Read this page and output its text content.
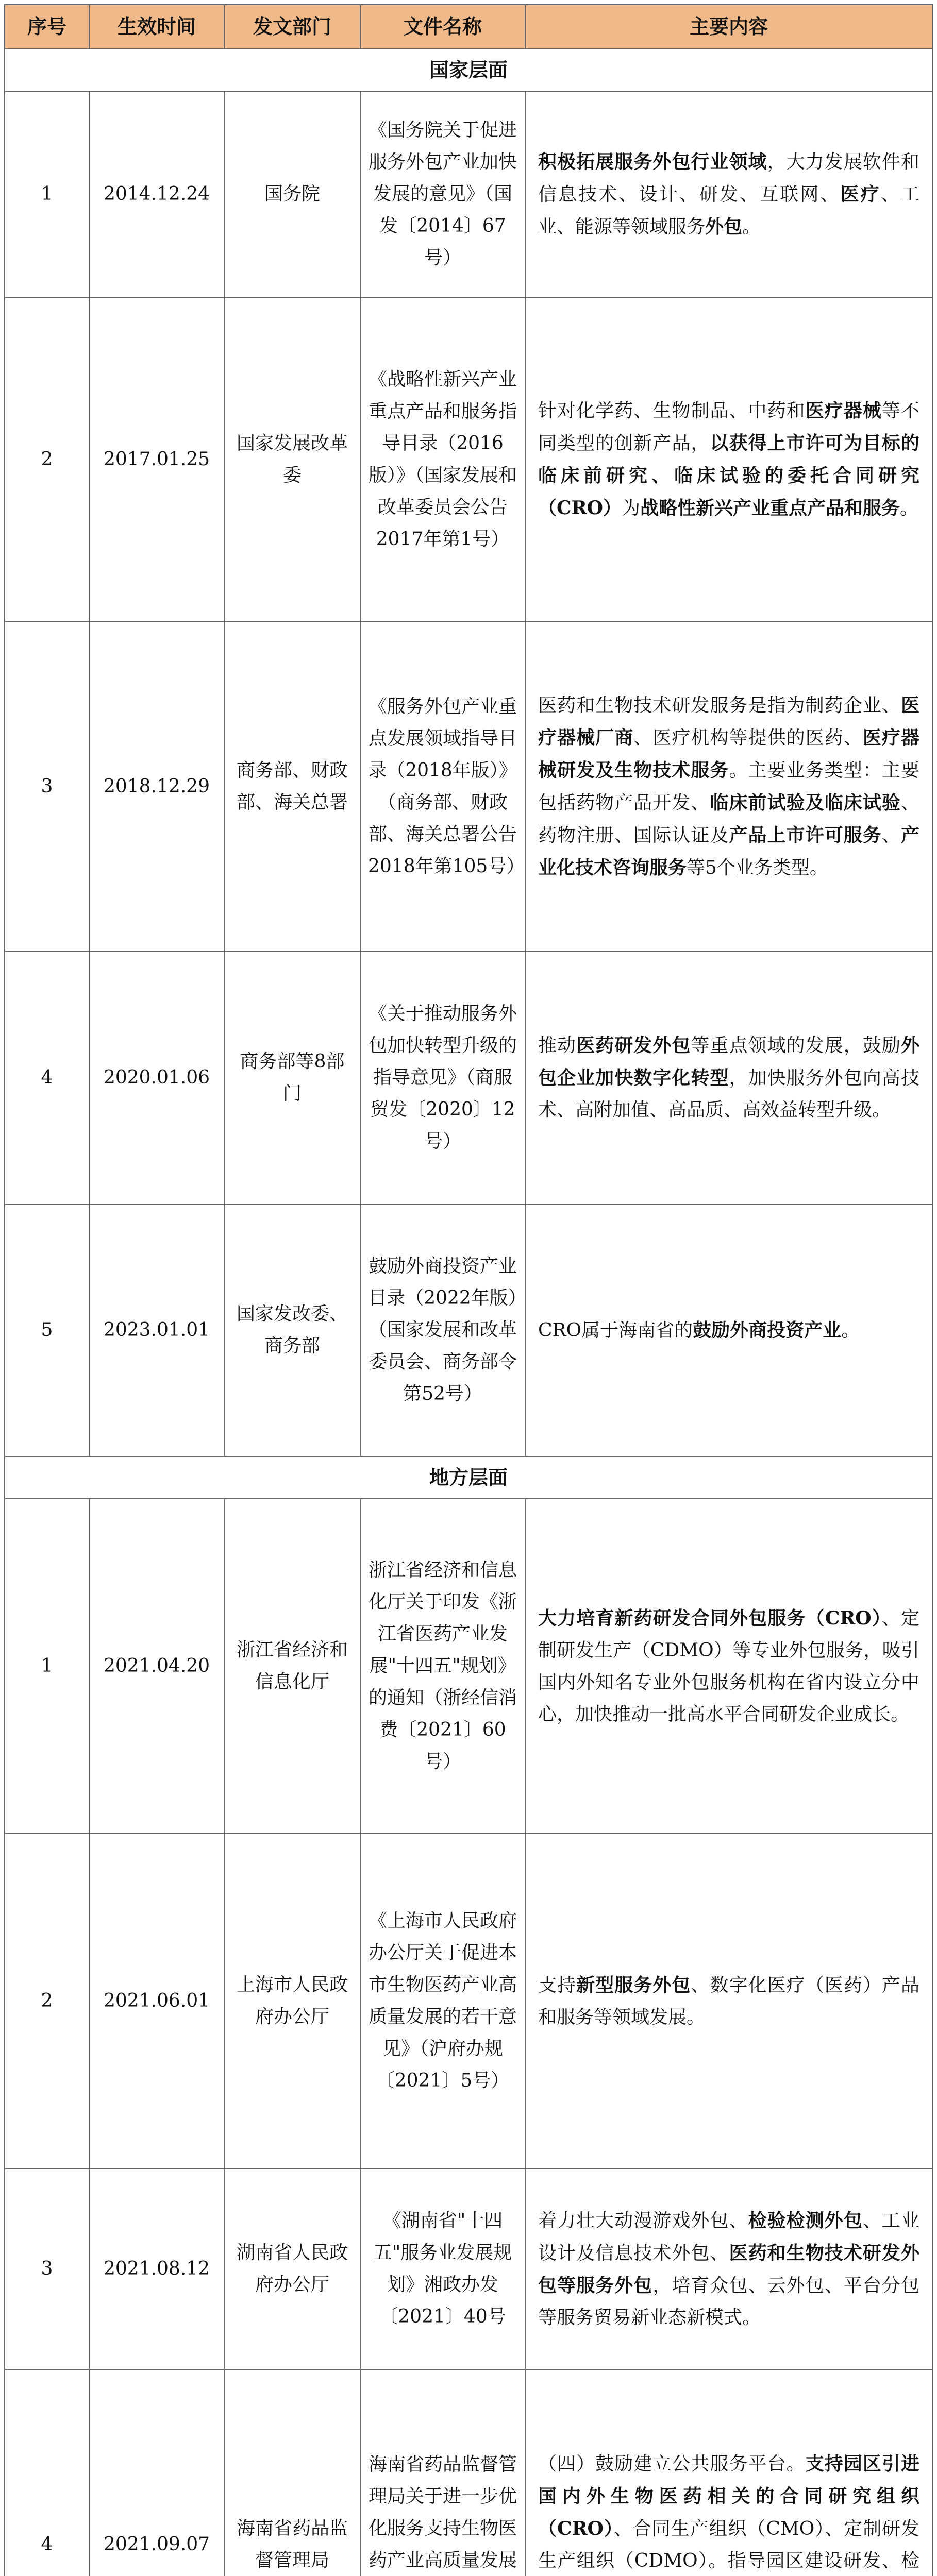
序号	生效时间	发文部门	文件名称	主要内容
国家层面				
1	2014.12.24	国务院	《国务院关于促进服务外包产业加快发展的意见》（国发〔2014〕67号）	积极拓展服务外包行业领域，大力发展软件和信息技术、设计、研发、互联网、医疗、工业、能源等领域服务外包。
2	2017.01.25	国家发展改革委	《战略性新兴产业重点产品和服务指导目录（2016版）》（国家发展和改革委员会公告2017年第1号）	针对化学药、生物制品、中药和医疗器械等不同类型的创新产品，以获得上市许可为目标的临床前研究、临床试验的委托合同研究（CRO）为战略性新兴产业重点产品和服务。
3	2018.12.29	商务部、财政部、海关总署	《服务外包产业重点发展领域指导目录（2018年版）》（商务部、财政部、海关总署公告2018年第105号）	医药和生物技术研发服务是指为制药企业、医疗器械厂商、医疗机构等提供的医药、医疗器械研发及生物技术服务。主要业务类型：主要包括药物产品开发、临床前试验及临床试验、药物注册、国际认证及产品上市许可服务、产业化技术咨询服务等5个业务类型。
4	2020.01.06	商务部等8部门	《关于推动服务外包加快转型升级的指导意见》（商服贸发〔2020〕12号）	推动医药研发外包等重点领域的发展，鼓励外包企业加快数字化转型，加快服务外包向高技术、高附加值、高品质、高效益转型升级。
5	2023.01.01	国家发改委、商务部	鼓励外商投资产业目录（2022年版）（国家发展和改革委员会、商务部令第52号）	CRO属于海南省的鼓励外商投资产业。
地方层面				
1	2021.04.20	浙江省经济和信息化厅	浙江省经济和信息化厅关于印发《浙江省医药产业发展"十四五"规划》的通知（浙经信消费〔2021〕60号）	大力培育新药研发合同外包服务（CRO）、定制研发生产（CDMO）等专业外包服务，吸引国内外知名专业外包服务机构在省内设立分中心，加快推动一批高水平合同研发企业成长。
2	2021.06.01	上海市人民政府办公厅	《上海市人民政府办公厅关于促进本市生物医药产业高质量发展的若干意见》（沪府办规〔2021〕5号）	支持新型服务外包、数字化医疗（医药）产品和服务等领域发展。
3	2021.08.12	湖南省人民政府办公厅	《湖南省"十四五"服务业发展规划》湘政办发〔2021〕40号	着力壮大动漫游戏外包、检验检测外包、工业设计及信息技术外包、医药和生物技术研发外包等服务外包，培育众包、云外包、平台分包等服务贸易新业态新模式。
4	2021.09.07	海南省药品监督管理局	海南省药品监督管理局关于进一步优化服务支持生物医药产业高质量发展	（四）鼓励建立公共服务平台。支持园区引进国内外生物医药相关的合同研究组织（CRO）、合同生产组织（CMO）、定制研发生产组织（CDMO）。指导园区建设研发、检
